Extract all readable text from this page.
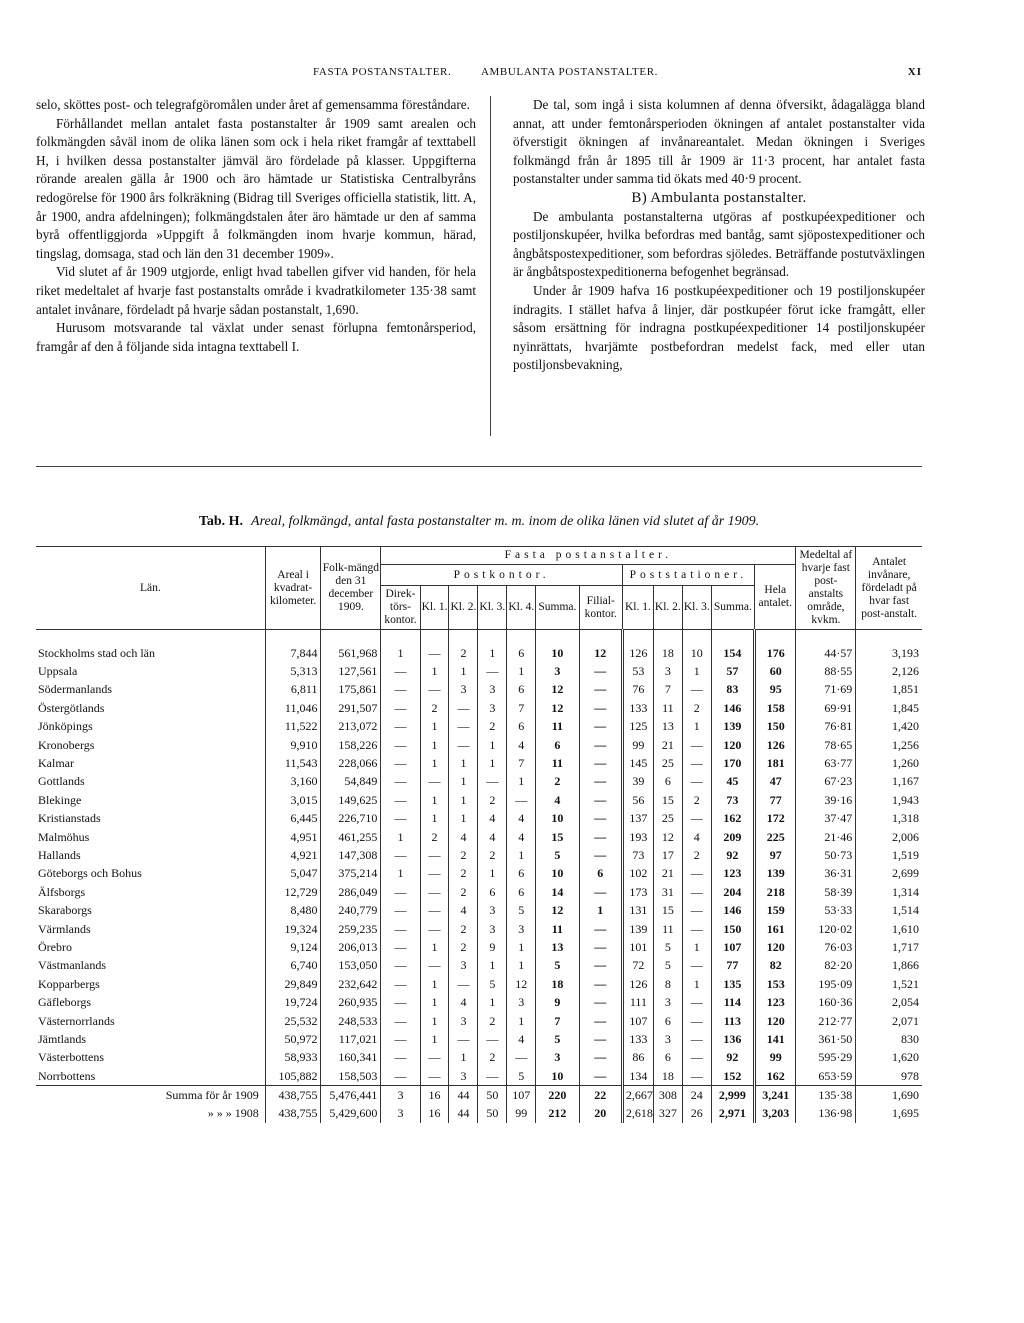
FASTA POSTANSTALTER.	AMBULANTA POSTANSTALTER.	XI

selo, sköttes post- och telegrafgöromålen under året af gemensamma föreståndare.

Förhållandet mellan antalet fasta postanstalter år 1909 samt arealen och folkmängden såväl inom de olika länen som ock i hela riket framgår af texttabell H, i hvilken dessa postanstalter jämväl äro fördelade på klasser. Uppgifterna rörande arealen gälla år 1900 och äro hämtade ur Statistiska Centralbyråns redogörelse för 1900 års folkräkning (Bidrag till Sveriges officiella statistik, litt. A, år 1900, andra afdelningen); folkmängdstalen åter äro hämtade ur den af samma byrå offentliggjorda »Uppgift å folkmängden inom hvarje kommun, härad, tingslag, domsaga, stad och län den 31 december 1909».

Vid slutet af år 1909 utgjorde, enligt hvad tabellen gifver vid handen, för hela riket medeltalet af hvarje fast postanstalts område i kvadratkilometer 135·38 samt antalet invånare, fördeladt på hvarje sådan postanstalt, 1,690.

Hurusom motsvarande tal växlat under senast förlupna femtonårsperiod, framgår af den å följande sida intagna texttabell I.

De tal, som ingå i sista kolumnen af denna öfversikt, ådagalägga bland annat, att under femtonårsperioden ökningen af antalet postanstalter vida öfverstigit ökningen af invånareantalet. Medan ökningen i Sveriges folkmängd från år 1895 till år 1909 är 11·3 procent, har antalet fasta postanstalter under samma tid ökats med 40·9 procent.

B) Ambulanta postanstalter.

De ambulanta postanstalterna utgöras af postkupéexpeditioner och postiljonskupéer, hvilka befordras med bantåg, samt sjöpostexpeditioner och ångbåtspostexpeditioner, som befordras sjöledes. Beträffande postutväxlingen är ångbåtspostexpeditionerna befogenhet begränsad.

Under år 1909 hafva 16 postkupéexpeditioner och 19 postiljonskupéer indragits. I stället hafva å linjer, där postkupéer förut icke framgått, eller såsom ersättning för indragna postkupéexpeditioner 14 postiljonskupéer nyinrättats, hvarjämte postbefordran medelst fack, med eller utan postiljonsbevakning,

Tab. H. Areal, folkmängd, antal fasta postanstalter m. m. inom de olika länen vid slutet af år 1909.
Län.	Areal i kvadrat-kilometer.	Folk-mängd den 31 december 1909.	Fasta postanstalter.												Medeltal af hvarje fast post-anstalts område, kvkm.	Antalet invånare, fördeladt på hvar fast post-anstalt.
			Postkontor.							Poststationer.				Hela antalet.		
			Direk-törs-kontor.	Kl. 1.	Kl. 2.	Kl. 3.	Kl. 4.	Summa.	Filial-kontor.	Kl. 1.	Kl. 2.	Kl. 3.	Summa.			
Stockholms stad och län	7,844	561,968	1	—	2	1	6	10	12	126	18	10	154	176	44·57	3,193
Uppsala	5,313	127,561	—	1	1	—	1	3	—	53	3	1	57	60	88·55	2,126
Södermanlands	6,811	175,861	—	—	3	3	6	12	—	76	7	—	83	95	71·69	1,851
Östergötlands	11,046	291,507	—	2	—	3	7	12	—	133	11	2	146	158	69·91	1,845
Jönköpings	11,522	213,072	—	1	—	2	6	11	—	125	13	1	139	150	76·81	1,420
Kronobergs	9,910	158,226	—	1	—	1	4	6	—	99	21	—	120	126	78·65	1,256
Kalmar	11,543	228,066	—	1	1	1	7	11	—	145	25	—	170	181	63·77	1,260
Gottlands	3,160	54,849	—	—	1	—	1	2	—	39	6	—	45	47	67·23	1,167
Blekinge	3,015	149,625	—	1	1	2	—	4	—	56	15	2	73	77	39·16	1,943
Kristianstads	6,445	226,710	—	1	1	4	4	10	—	137	25	—	162	172	37·47	1,318
Malmöhus	4,951	461,255	1	2	4	4	4	15	—	193	12	4	209	225	21·46	2,006
Hallands	4,921	147,308	—	—	2	2	1	5	—	73	17	2	92	97	50·73	1,519
Göteborgs och Bohus	5,047	375,214	1	—	2	1	6	10	6	102	21	—	123	139	36·31	2,699
Älfsborgs	12,729	286,049	—	—	2	6	6	14	—	173	31	—	204	218	58·39	1,314
Skaraborgs	8,480	240,779	—	—	4	3	5	12	1	131	15	—	146	159	53·33	1,514
Värmlands	19,324	259,235	—	—	2	3	3	11	—	139	11	—	150	161	120·02	1,610
Örebro	9,124	206,013	—	1	2	9	1	13	—	101	5	1	107	120	76·03	1,717
Västmanlands	6,740	153,050	—	—	3	1	1	5	—	72	5	—	77	82	82·20	1,866
Kopparbergs	29,849	232,642	—	1	—	5	12	18	—	126	8	1	135	153	195·09	1,521
Gäfleborgs	19,724	260,935	—	1	4	1	3	9	—	111	3	—	114	123	160·36	2,054
Västernorrlands	25,532	248,533	—	1	3	2	1	7	—	107	6	—	113	120	212·77	2,071
Jämtlands	50,972	117,021	—	1	—	—	4	5	—	133	3	—	136	141	361·50	830
Västerbottens	58,933	160,341	—	—	1	2	—	3	—	86	6	—	92	99	595·29	1,620
Norrbottens	105,882	158,503	—	—	3	—	5	10	—	134	18	—	152	162	653·59	978
Summa för år 1909	438,755	5,476,441	3	16	44	50	107	220	22	2,667	308	24	2,999	3,241	135·38	1,690
» » » 1908	438,755	5,429,600	3	16	44	50	99	212	20	2,618	327	26	2,971	3,203	136·98	1,695
